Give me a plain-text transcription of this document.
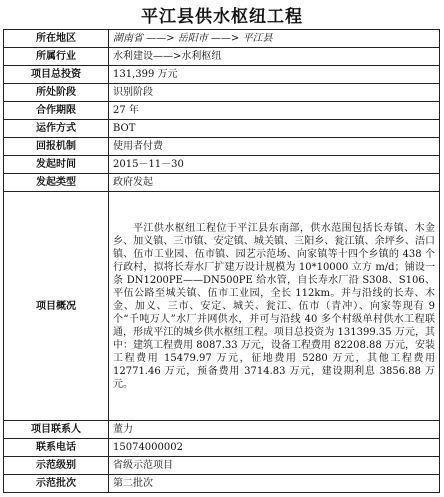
平江县供水枢纽工程
所在地区	湖南省 ——> 岳阳市 ——> 平江县
所属行业	水利建设——>水利枢纽
项目总投资	131,399 万元
所处阶段	识别阶段
合作期限	27 年
运作方式	BOT
回报机制	使用者付费
发起时间	2015－11－30
发起类型	政府发起
项目概况	平江供水枢纽工程位于平江县东南部，供水范围包括长寿镇、木金乡、加义镇、三市镇、安定镇、城关镇、三阳乡、瓮江镇、余坪乡、浯口镇、伍市工业园、伍市镇、园艺示范场、向家镇等十四个乡镇的 438 个行政村，拟将长寿水厂扩建万设计规模为 10*10000 立方 m/d；铺设一条 DN1200PE——DN500PE 给水管，自长寿水厂沿 S308、S106、平伍公路至城关镇、伍市工业园，全长 112km。并与沿线的长寿、木金、加义、三市、安定、城关、瓮江、伍市（青冲）、向家等现有 9 个“千吨万人”水厂并网供水，并可与沿线 40 多个村级单村供水工程联通，形成平江的城乡供水枢纽工程。项目总投资为 131399.35 万元，其中：建筑工程费用 8087.33 万元，设备工程费用 82208.88 万元，安装工程费用 15479.97 万元，征地费用 5280 万元，其他工程费用 12771.46 万元，预备费用 3714.83 万元，建设期利息 3856.88 万元。
项目联系人	董力
联系电话	15074000002
示范级别	省级示范项目
示范批次	第二批次
